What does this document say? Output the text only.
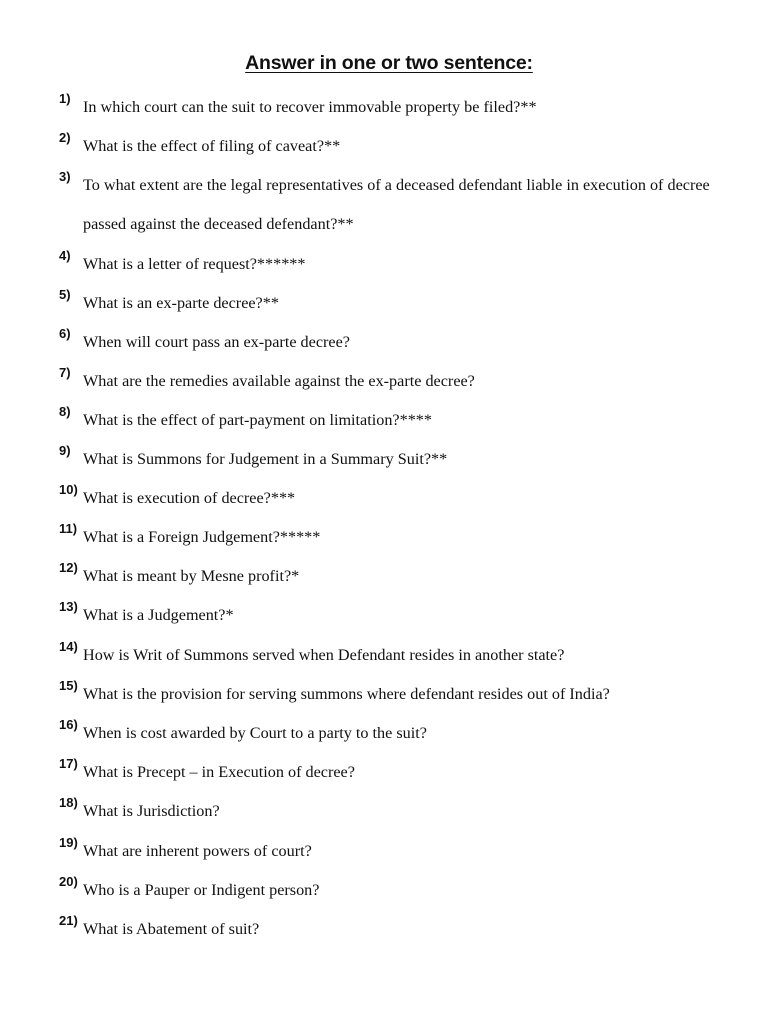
Answer in one or two sentence:
1) In which court can the suit to recover immovable property be filed?**
2) What is the effect of filing of caveat?**
3) To what extent are the legal representatives of a deceased defendant liable in execution of decree passed against the deceased defendant?**
4) What is a letter of request?******
5) What is an ex-parte decree?**
6) When will court pass an ex-parte decree?
7) What are the remedies available against the ex-parte decree?
8) What is the effect of part-payment on limitation?****
9) What is Summons for Judgement in a Summary Suit?**
10) What is execution of decree?***
11) What is a Foreign Judgement?*****
12) What is meant by Mesne profit?*
13) What is a Judgement?*
14) How is Writ of Summons served when Defendant resides in another state?
15) What is the provision for serving summons where defendant resides out of India?
16) When is cost awarded by Court to a party to the suit?
17) What is Precept – in Execution of decree?
18) What is Jurisdiction?
19) What are inherent powers of court?
20) Who is a Pauper or Indigent person?
21) What is Abatement of suit?
